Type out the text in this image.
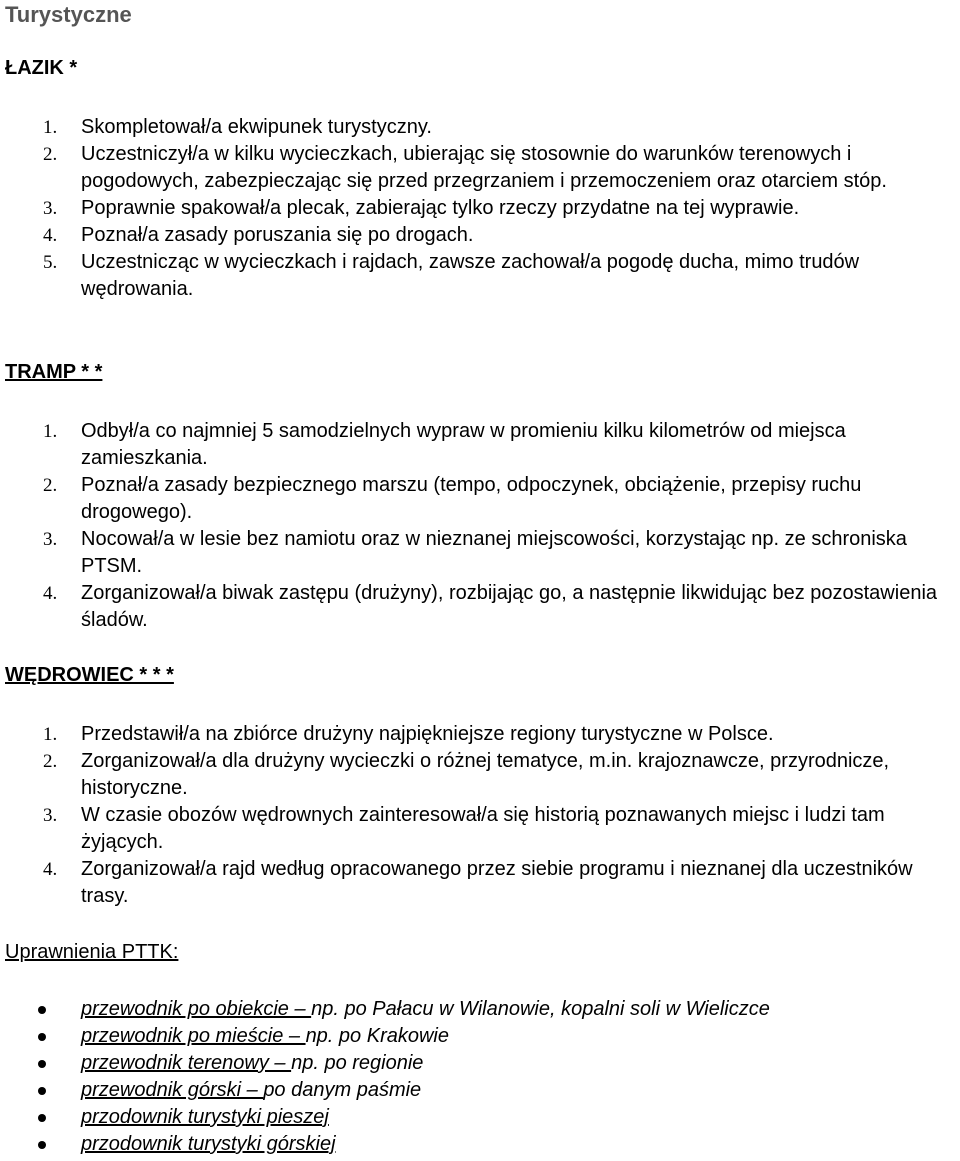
Turystyczne
ŁAZIK *
1. Skompletował/a ekwipunek turystyczny.
2. Uczestniczył/a w kilku wycieczkach, ubierając się stosownie do warunków terenowych i pogodowych, zabezpieczając się przed przegrzaniem i przemoczeniem oraz otarciem stóp.
3. Poprawnie spakował/a plecak, zabierając tylko rzeczy przydatne na tej wyprawie.
4. Poznał/a zasady poruszania się po drogach.
5. Uczestnicząc w wycieczkach i rajdach, zawsze zachował/a pogodę ducha, mimo trudów wędrowania.
TRAMP * *
1. Odbył/a co najmniej 5 samodzielnych wypraw w promieniu kilku kilometrów od miejsca zamieszkania.
2. Poznał/a zasady bezpiecznego marszu (tempo, odpoczynek, obciążenie, przepisy ruchu drogowego).
3. Nocował/a w lesie bez namiotu oraz w nieznanej miejscowości, korzystając np. ze schroniska PTSM.
4. Zorganizował/a biwak zastępu (drużyny), rozbijając go, a następnie likwidując bez pozostawienia śladów.
WĘDROWIEC * * *
1. Przedstawił/a na zbiórce drużyny najpiękniejsze regiony turystyczne w Polsce.
2. Zorganizował/a dla drużyny wycieczki o różnej tematyce, m.in. krajoznawcze, przyrodnicze, historyczne.
3. W czasie obozów wędrownych zainteresował/a się historią poznawanych miejsc i ludzi tam żyjących.
4. Zorganizował/a rajd według opracowanego przez siebie programu i nieznanej dla uczestników trasy.
Uprawnienia PTTK:
przewodnik po obiekcie – np. po Pałacu w Wilanowie, kopalni soli w Wieliczce
przewodnik po mieście – np. po Krakowie
przewodnik terenowy – np. po regionie
przewodnik górski – po danym paśmie
przodownik turystyki pieszej
przodownik turystyki górskiej
